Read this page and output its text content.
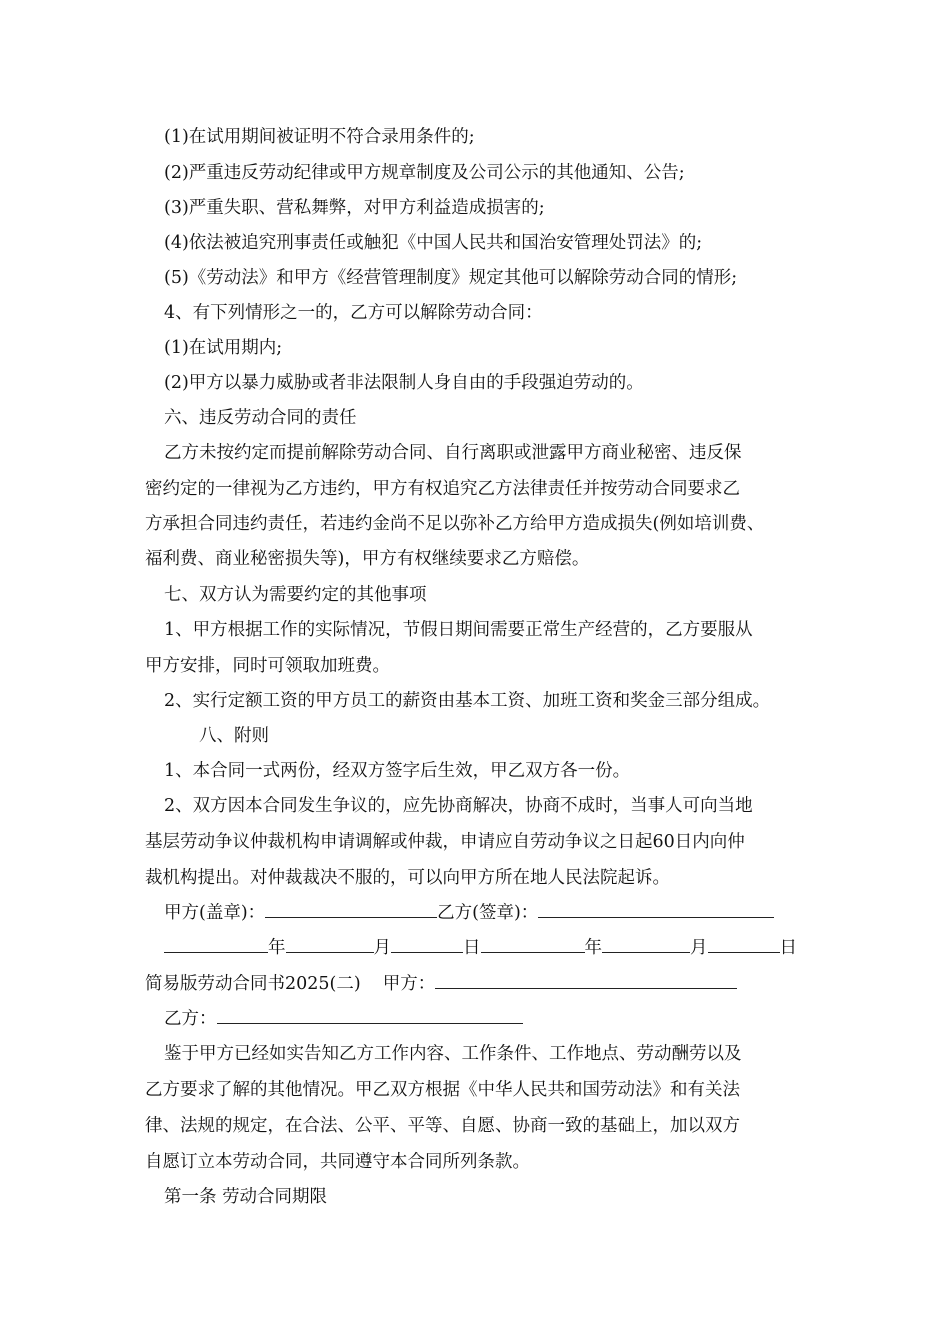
(1)在试用期间被证明不符合录用条件的;
(2)严重违反劳动纪律或甲方规章制度及公司公示的其他通知、公告;
(3)严重失职、营私舞弊，对甲方利益造成损害的;
(4)依法被追究刑事责任或触犯《中国人民共和国治安管理处罚法》的;
(5)《劳动法》和甲方《经营管理制度》规定其他可以解除劳动合同的情形;
4、有下列情形之一的，乙方可以解除劳动合同：
(1)在试用期内;
(2)甲方以暴力威胁或者非法限制人身自由的手段强迫劳动的。
六、违反劳动合同的责任
乙方未按约定而提前解除劳动合同、自行离职或泄露甲方商业秘密、违反保
密约定的一律视为乙方违约，甲方有权追究乙方法律责任并按劳动合同要求乙
方承担合同违约责任，若违约金尚不足以弥补乙方给甲方造成损失(例如培训费、
福利费、商业秘密损失等)，甲方有权继续要求乙方赔偿。
七、双方认为需要约定的其他事项
1、甲方根据工作的实际情况，节假日期间需要正常生产经营的，乙方要服从
甲方安排，同时可领取加班费。
2、实行定额工资的甲方员工的薪资由基本工资、加班工资和奖金三部分组成。
八、附则
1、本合同一式两份，经双方签字后生效，甲乙双方各一份。
2、双方因本合同发生争议的，应先协商解决，协商不成时，当事人可向当地
基层劳动争议仲裁机构申请调解或仲裁，申请应自劳动争议之日起60日内向仲
裁机构提出。对仲裁裁决不服的，可以向甲方所在地人民法院起诉。
甲方(盖章)：	乙方(签章)：
年	月	日	年	月	日
简易版劳动合同书2025(二) 甲方：
乙方：
鉴于甲方已经如实告知乙方工作内容、工作条件、工作地点、劳动酬劳以及
乙方要求了解的其他情况。甲乙双方根据《中华人民共和国劳动法》和有关法
律、法规的规定，在合法、公平、平等、自愿、协商一致的基础上，加以双方
自愿订立本劳动合同，共同遵守本合同所列条款。
第一条 劳动合同期限
